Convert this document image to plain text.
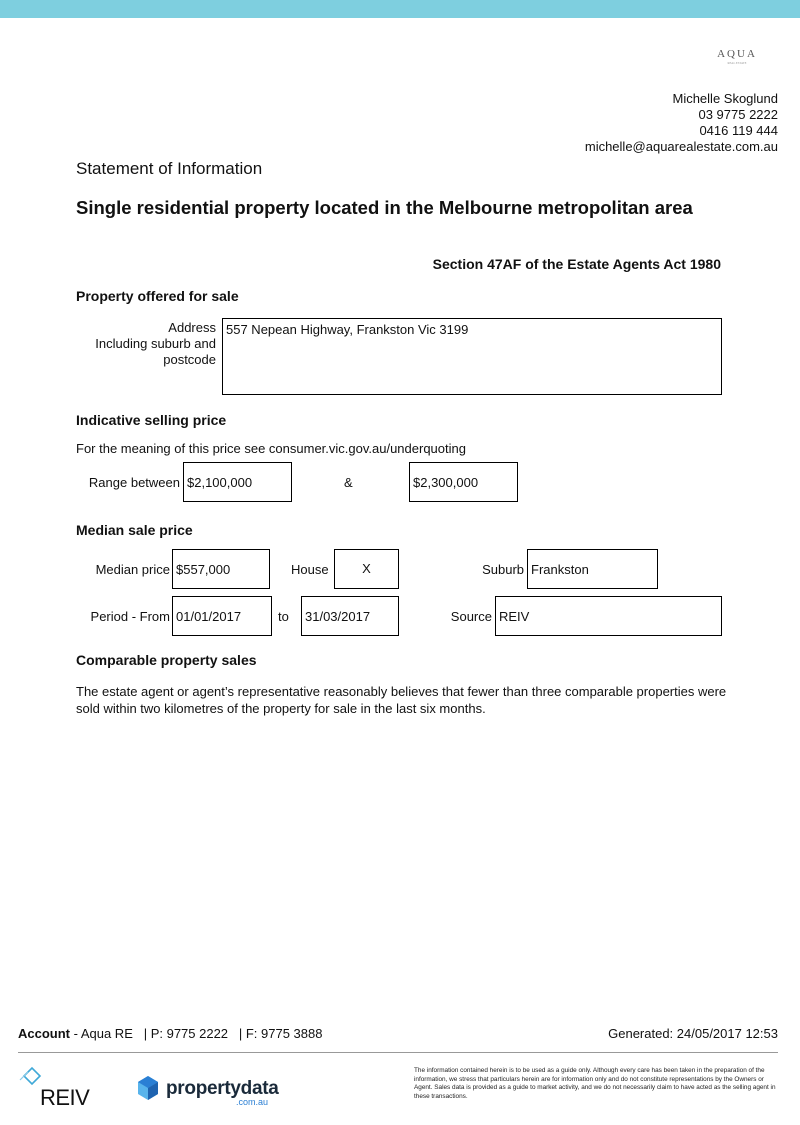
AQUA
REAL ESTATE
Michelle Skoglund
03 9775 2222
0416 119 444
michelle@aquarealestate.com.au
Statement of Information
Single residential property located in the Melbourne metropolitan area
Section 47AF of the Estate Agents Act 1980
Property offered for sale
Address
Including suburb and
postcode
557 Nepean Highway, Frankston Vic 3199
Indicative selling price
For the meaning of this price see consumer.vic.gov.au/underquoting
Range between $2,100,000	&	$2,300,000
Median sale price
Median price $557,000	House	X	Suburb Frankston
Period - From 01/01/2017	to	31/03/2017	Source REIV
Comparable property sales
The estate agent or agent’s representative reasonably believes that fewer than three comparable properties were sold within two kilometres of the property for sale in the last six months.
Account - Aqua RE   | P: 9775 2222   | F: 9775 3888	Generated: 24/05/2017 12:53
REIV	propertydata
.com.au
The information contained herein is to be used as a guide only. Although every care has been taken in the preparation of the information, we stress that particulars herein are for information only and do not constitute representations by the Owners or Agent. Sales data is provided as a guide to market activity, and we do not necessarily claim to have acted as the selling agent in these transactions.
